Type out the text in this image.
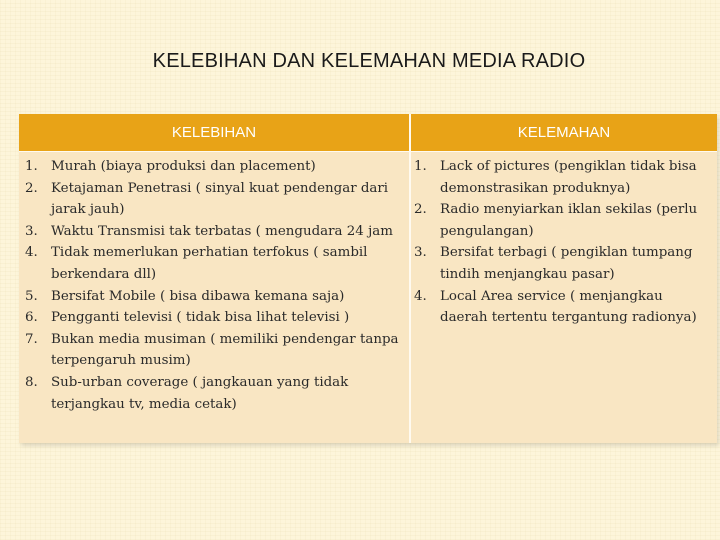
KELEBIHAN DAN KELEMAHAN MEDIA RADIO
KELEBIHAN	KELEMAHAN
1. Murah (biaya produksi dan placement)
2. Ketajaman Penetrasi ( sinyal kuat pendengar dari jarak jauh)
3. Waktu Transmisi tak terbatas ( mengudara 24 jam
4. Tidak memerlukan perhatian terfokus ( sambil berkendara dll)
5. Bersifat Mobile ( bisa dibawa kemana saja)
6. Pengganti televisi ( tidak bisa lihat televisi )
7. Bukan media musiman ( memiliki pendengar tanpa terpengaruh musim)
8. Sub-urban coverage ( jangkauan yang tidak terjangkau tv, media cetak)
1. Lack of pictures (pengiklan tidak bisa demonstrasikan produknya)
2. Radio menyiarkan iklan sekilas (perlu pengulangan)
3. Bersifat terbagi ( pengiklan tumpang tindih menjangkau pasar)
4. Local Area service ( menjangkau daerah tertentu tergantung radionya)
